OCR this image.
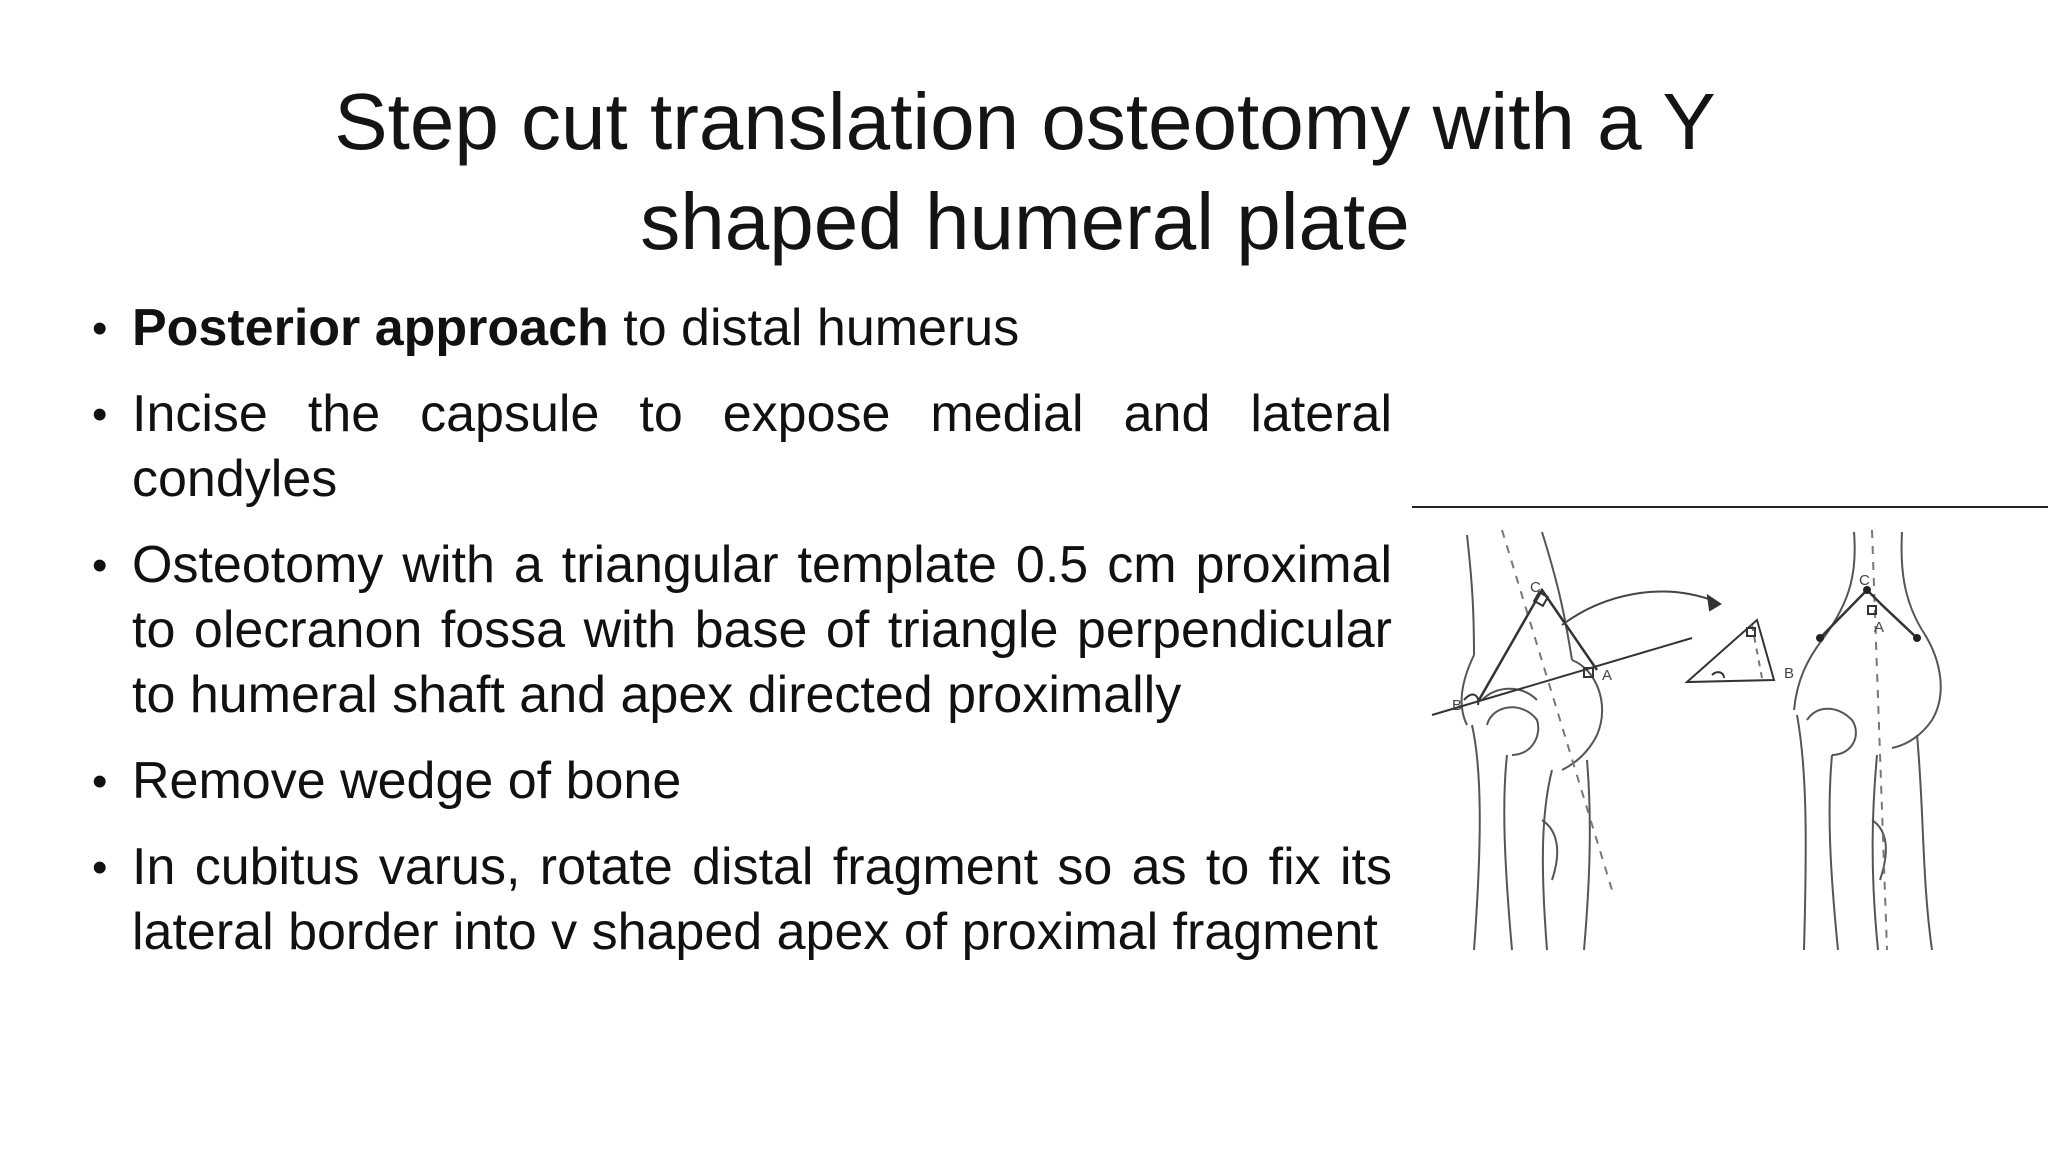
Step cut translation osteotomy with a Y
shaped humeral plate
• Posterior approach to distal humerus
• Incise the capsule to expose medial and lateral condyles
• Osteotomy with a triangular template 0.5 cm proximal to olecranon fossa with base of triangle perpendicular to humeral shaft and apex directed proximally
• Remove wedge of bone
• In cubitus varus, rotate distal fragment so as to fix its lateral border into v shaped apex of proximal fragment
C
A
B
C
A
B
